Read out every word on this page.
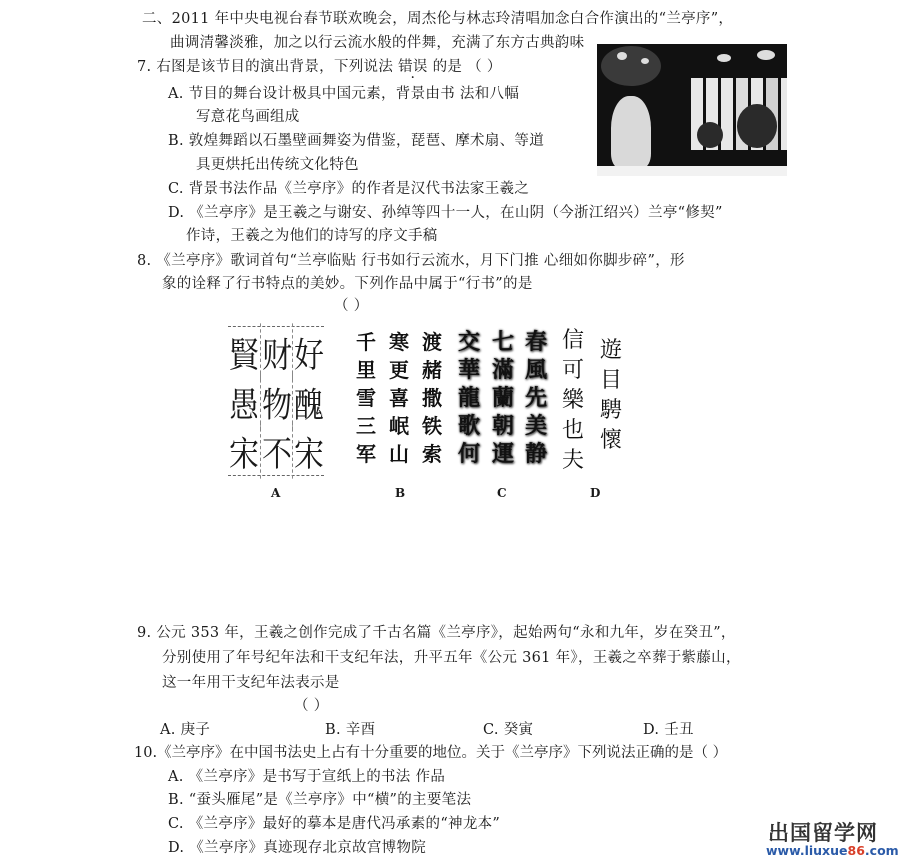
二、2011 年中央电视台春节联欢晚会，周杰伦与林志玲清唱加念白合作演出的“兰亭序”，
曲调清馨淡雅，加之以行云流水般的伴舞，充满了东方古典韵味
7. 右图是该节目的演出背景，下列说法 错误 的是 （ ）
A. 节目的舞台设计极具中国元素，背景由书 法和八幅
写意花鸟画组成
B. 敦煌舞蹈以石墨壁画舞姿为借鉴，琵琶、摩术扇、等道
具更烘托出传统文化特色
C. 背景书法作品《兰亭序》的作者是汉代书法家王羲之
D. 《兰亭序》是王羲之与谢安、孙绰等四十一人，在山阴（今浙江绍兴）兰亭“修契”
作诗，王羲之为他们的诗写的序文手稿
8. 《兰亭序》歌词首句“兰亭临贴 行书如行云流水，月下门推 心细如你脚步碎”，形
象的诠释了行书特点的美妙。下列作品中属于“行书”的是
（ ）
好
醜
宋
财
物
不
賢
愚
宋
A
渡
赭
撒
铁
索
寒
更
喜
岷
山
千
里
雪
三
军
B
春
風
先
美
静
七
滿
蘭
朝
運
交
華
龍
歌
何
C
遊
目
騁
懷
信
可
樂
也
夫
D
9. 公元 353 年，王羲之创作完成了千古名篇《兰亭序》，起始两句“永和九年，岁在癸丑”，
分别使用了年号纪年法和干支纪年法，升平五年《公元 361 年》，王羲之卒葬于紫藤山，
这一年用干支纪年法表示是
（ ）
A. 庚子	B. 辛酉	C. 癸寅	D. 壬丑
10.《兰亭序》在中国书法史上占有十分重要的地位。关于《兰亭序》下列说法正确的是（ ）
A. 《兰亭序》是书写于宣纸上的书法 作品
B. “蚕头雁尾”是《兰亭序》中“横”的主要笔法
C. 《兰亭序》最好的摹本是唐代冯承素的“神龙本”
D. 《兰亭序》真迹现存北京故宫博物院
出国留学网
www.liuxue86.com
